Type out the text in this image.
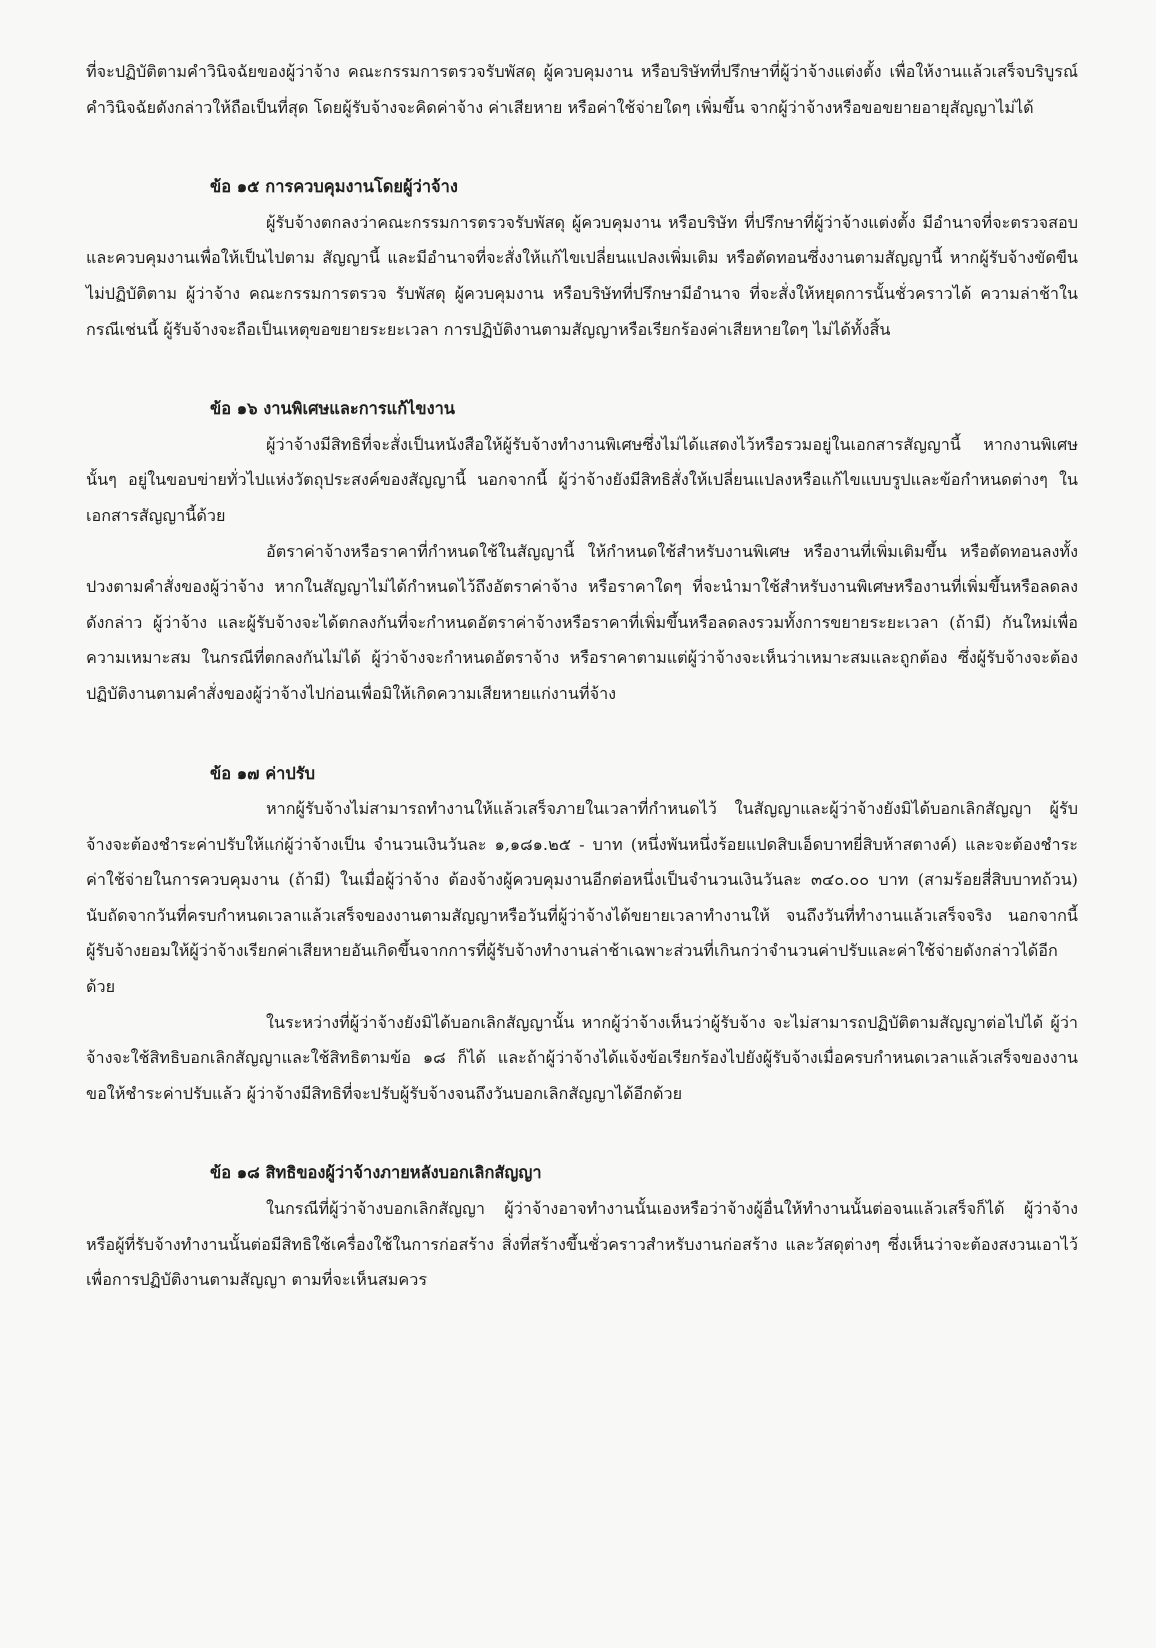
ที่จะปฏิบัติตามคำวินิจฉัยของผู้ว่าจ้าง คณะกรรมการตรวจรับพัสดุ ผู้ควบคุมงาน หรือบริษัทที่ปรึกษาที่ผู้ว่าจ้างแต่งตั้ง เพื่อให้งานแล้วเสร็จบริบูรณ์ คำวินิจฉัยดังกล่าวให้ถือเป็นที่สุด โดยผู้รับจ้างจะคิดค่าจ้าง ค่าเสียหาย หรือค่าใช้จ่ายใดๆ เพิ่มขึ้น จากผู้ว่าจ้างหรือขอขยายอายุสัญญาไม่ได้

ข้อ ๑๕ การควบคุมงานโดยผู้ว่าจ้าง

ผู้รับจ้างตกลงว่าคณะกรรมการตรวจรับพัสดุ ผู้ควบคุมงาน หรือบริษัท ที่ปรึกษาที่ผู้ว่าจ้างแต่งตั้ง มีอำนาจที่จะตรวจสอบและควบคุมงานเพื่อให้เป็นไปตาม สัญญานี้ และมีอำนาจที่จะสั่งให้แก้ไขเปลี่ยนแปลงเพิ่มเติม หรือตัดทอนซึ่งงานตามสัญญานี้ หากผู้รับจ้างขัดขืน ไม่ปฏิบัติตาม ผู้ว่าจ้าง คณะกรรมการตรวจ รับพัสดุ ผู้ควบคุมงาน หรือบริษัทที่ปรึกษามีอำนาจ ที่จะสั่งให้หยุดการนั้นชั่วคราวได้ ความล่าช้าในกรณีเช่นนี้ ผู้รับจ้างจะถือเป็นเหตุขอขยายระยะเวลา การปฏิบัติงานตามสัญญาหรือเรียกร้องค่าเสียหายใดๆ ไม่ได้ทั้งสิ้น

ข้อ ๑๖ งานพิเศษและการแก้ไขงาน

ผู้ว่าจ้างมีสิทธิที่จะสั่งเป็นหนังสือให้ผู้รับจ้างทำงานพิเศษซึ่งไม่ได้แสดงไว้หรือรวมอยู่ในเอกสารสัญญานี้ หากงานพิเศษนั้นๆ อยู่ในขอบข่ายทั่วไปแห่งวัตถุประสงค์ของสัญญานี้ นอกจากนี้ ผู้ว่าจ้างยังมีสิทธิสั่งให้เปลี่ยนแปลงหรือแก้ไขแบบรูปและข้อกำหนดต่างๆ ในเอกสารสัญญานี้ด้วย

อัตราค่าจ้างหรือราคาที่กำหนดใช้ในสัญญานี้ ให้กำหนดใช้สำหรับงานพิเศษ หรืองานที่เพิ่มเติมขึ้น หรือตัดทอนลงทั้งปวงตามคำสั่งของผู้ว่าจ้าง หากในสัญญาไม่ได้กำหนดไว้ถึงอัตราค่าจ้าง หรือราคาใดๆ ที่จะนำมาใช้สำหรับงานพิเศษหรืองานที่เพิ่มขึ้นหรือลดลงดังกล่าว ผู้ว่าจ้าง และผู้รับจ้างจะได้ตกลงกันที่จะกำหนดอัตราค่าจ้างหรือราคาที่เพิ่มขึ้นหรือลดลงรวมทั้งการขยายระยะเวลา (ถ้ามี) กันใหม่เพื่อความเหมาะสม ในกรณีที่ตกลงกันไม่ได้ ผู้ว่าจ้างจะกำหนดอัตราจ้าง หรือราคาตามแต่ผู้ว่าจ้างจะเห็นว่าเหมาะสมและถูกต้อง ซึ่งผู้รับจ้างจะต้องปฏิบัติงานตามคำสั่งของผู้ว่าจ้างไปก่อนเพื่อมิให้เกิดความเสียหายแก่งานที่จ้าง

ข้อ ๑๗ ค่าปรับ

หากผู้รับจ้างไม่สามารถทำงานให้แล้วเสร็จภายในเวลาที่กำหนดไว้ ในสัญญาและผู้ว่าจ้างยังมิได้บอกเลิกสัญญา ผู้รับจ้างจะต้องชำระค่าปรับให้แก่ผู้ว่าจ้างเป็น จำนวนเงินวันละ ๑,๑๘๑.๒๕ - บาท (หนึ่งพันหนึ่งร้อยแปดสิบเอ็ดบาทยี่สิบห้าสตางค์) และจะต้องชำระค่าใช้จ่ายในการควบคุมงาน (ถ้ามี) ในเมื่อผู้ว่าจ้าง ต้องจ้างผู้ควบคุมงานอีกต่อหนึ่งเป็นจำนวนเงินวันละ ๓๔๐.๐๐ บาท (สามร้อยสี่สิบบาทถ้วน) นับถัดจากวันที่ครบกำหนดเวลาแล้วเสร็จของงานตามสัญญาหรือวันที่ผู้ว่าจ้างได้ขยายเวลาทำงานให้ จนถึงวันที่ทำงานแล้วเสร็จจริง นอกจากนี้ ผู้รับจ้างยอมให้ผู้ว่าจ้างเรียกค่าเสียหายอันเกิดขึ้นจากการที่ผู้รับจ้างทำงานล่าช้าเฉพาะส่วนที่เกินกว่าจำนวนค่าปรับและค่าใช้จ่ายดังกล่าวได้อีกด้วย

ในระหว่างที่ผู้ว่าจ้างยังมิได้บอกเลิกสัญญานั้น หากผู้ว่าจ้างเห็นว่าผู้รับจ้าง จะไม่สามารถปฏิบัติตามสัญญาต่อไปได้ ผู้ว่าจ้างจะใช้สิทธิบอกเลิกสัญญาและใช้สิทธิตามข้อ ๑๘ ก็ได้ และถ้าผู้ว่าจ้างได้แจ้งข้อเรียกร้องไปยังผู้รับจ้างเมื่อครบกำหนดเวลาแล้วเสร็จของงานขอให้ชำระค่าปรับแล้ว ผู้ว่าจ้างมีสิทธิที่จะปรับผู้รับจ้างจนถึงวันบอกเลิกสัญญาได้อีกด้วย

ข้อ ๑๘ สิทธิของผู้ว่าจ้างภายหลังบอกเลิกสัญญา

ในกรณีที่ผู้ว่าจ้างบอกเลิกสัญญา ผู้ว่าจ้างอาจทำงานนั้นเองหรือว่าจ้างผู้อื่นให้ทำงานนั้นต่อจนแล้วเสร็จก็ได้ ผู้ว่าจ้างหรือผู้ที่รับจ้างทำงานนั้นต่อมีสิทธิใช้เครื่องใช้ในการก่อสร้าง สิ่งที่สร้างขึ้นชั่วคราวสำหรับงานก่อสร้าง และวัสดุต่างๆ ซึ่งเห็นว่าจะต้องสงวนเอาไว้เพื่อการปฏิบัติงานตามสัญญา ตามที่จะเห็นสมควร
